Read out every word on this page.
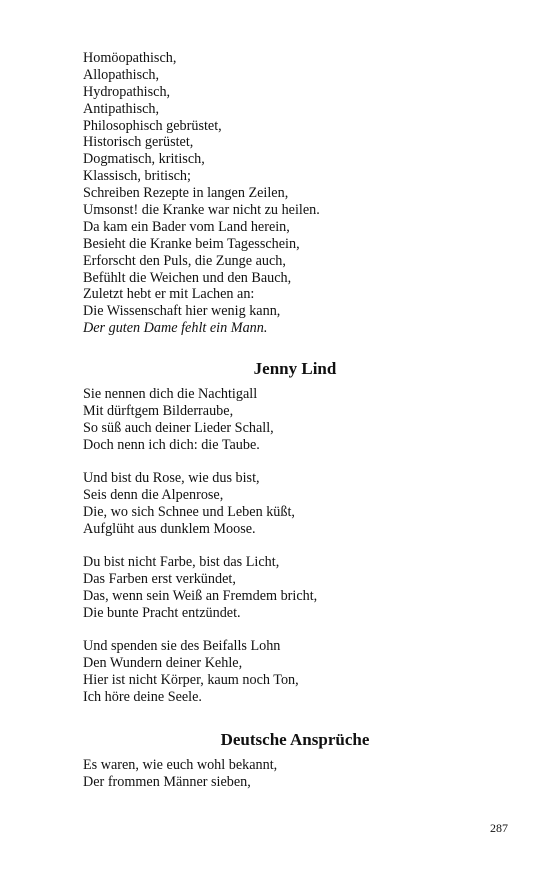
Homöopathisch,
Allopathisch,
Hydropathisch,
Antipathisch,
Philosophisch gebrüstet,
Historisch gerüstet,
Dogmatisch, kritisch,
Klassisch, britisch;
Schreiben Rezepte in langen Zeilen,
Umsonst! die Kranke war nicht zu heilen.
Da kam ein Bader vom Land herein,
Besieht die Kranke beim Tagesschein,
Erforscht den Puls, die Zunge auch,
Befühlt die Weichen und den Bauch,
Zuletzt hebt er mit Lachen an:
Die Wissenschaft hier wenig kann,
Der guten Dame fehlt ein Mann.
Jenny Lind
Sie nennen dich die Nachtigall
Mit dürftgem Bilderraube,
So süß auch deiner Lieder Schall,
Doch nenn ich dich: die Taube.
Und bist du Rose, wie dus bist,
Seis denn die Alpenrose,
Die, wo sich Schnee und Leben küßt,
Aufglüht aus dunklem Moose.
Du bist nicht Farbe, bist das Licht,
Das Farben erst verkündet,
Das, wenn sein Weiß an Fremdem bricht,
Die bunte Pracht entzündet.
Und spenden sie des Beifalls Lohn
Den Wundern deiner Kehle,
Hier ist nicht Körper, kaum noch Ton,
Ich höre deine Seele.
Deutsche Ansprüche
Es waren, wie euch wohl bekannt,
Der frommen Männer sieben,
287
